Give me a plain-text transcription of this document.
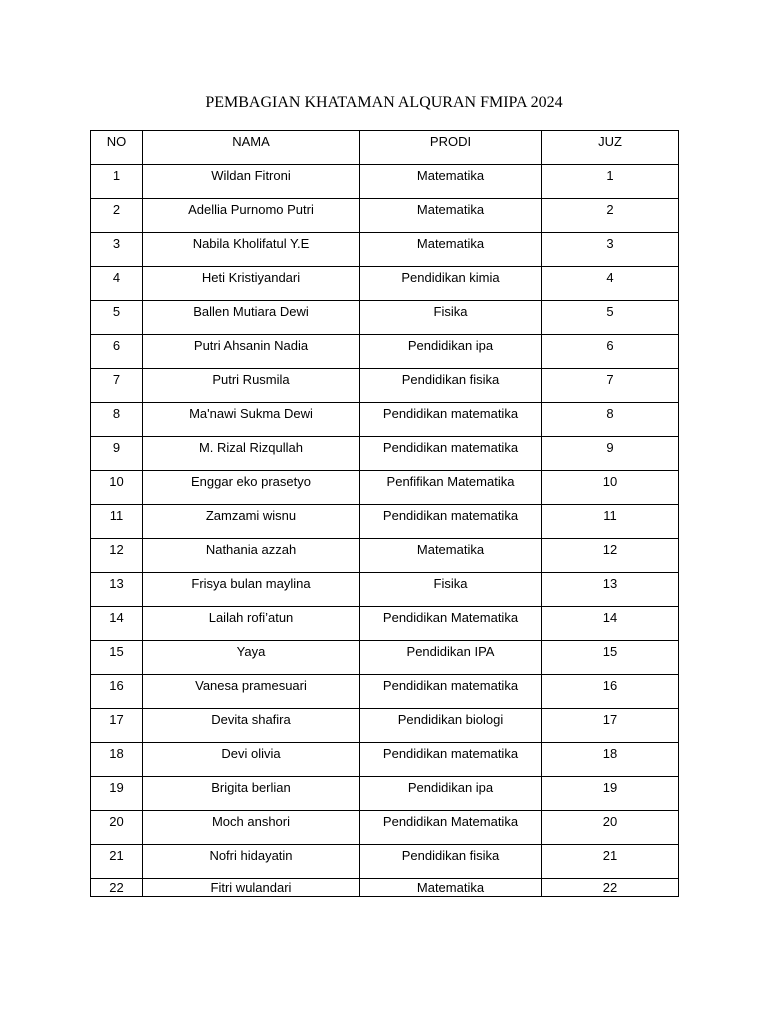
PEMBAGIAN KHATAMAN ALQURAN FMIPA 2024
NO	NAMA	PRODI	JUZ
1	Wildan Fitroni	Matematika	1
2	Adellia Purnomo Putri	Matematika	2
3	Nabila Kholifatul Y.E	Matematika	3
4	Heti Kristiyandari	Pendidikan kimia	4
5	Ballen Mutiara Dewi	Fisika	5
6	Putri Ahsanin Nadia	Pendidikan ipa	6
7	Putri Rusmila	Pendidikan fisika	7
8	Ma'nawi Sukma Dewi	Pendidikan matematika	8
9	M. Rizal Rizqullah	Pendidikan matematika	9
10	Enggar eko prasetyo	Penfifikan Matematika	10
11	Zamzami wisnu	Pendidikan matematika	11
12	Nathania azzah	Matematika	12
13	Frisya bulan maylina	Fisika	13
14	Lailah rofi’atun	Pendidikan Matematika	14
15	Yaya	Pendidikan IPA	15
16	Vanesa pramesuari	Pendidikan matematika	16
17	Devita shafira	Pendidikan biologi	17
18	Devi olivia	Pendidikan matematika	18
19	Brigita berlian	Pendidikan ipa	19
20	Moch anshori	Pendidikan Matematika	20
21	Nofri hidayatin	Pendidikan fisika	21
22	Fitri wulandari	Matematika	22
